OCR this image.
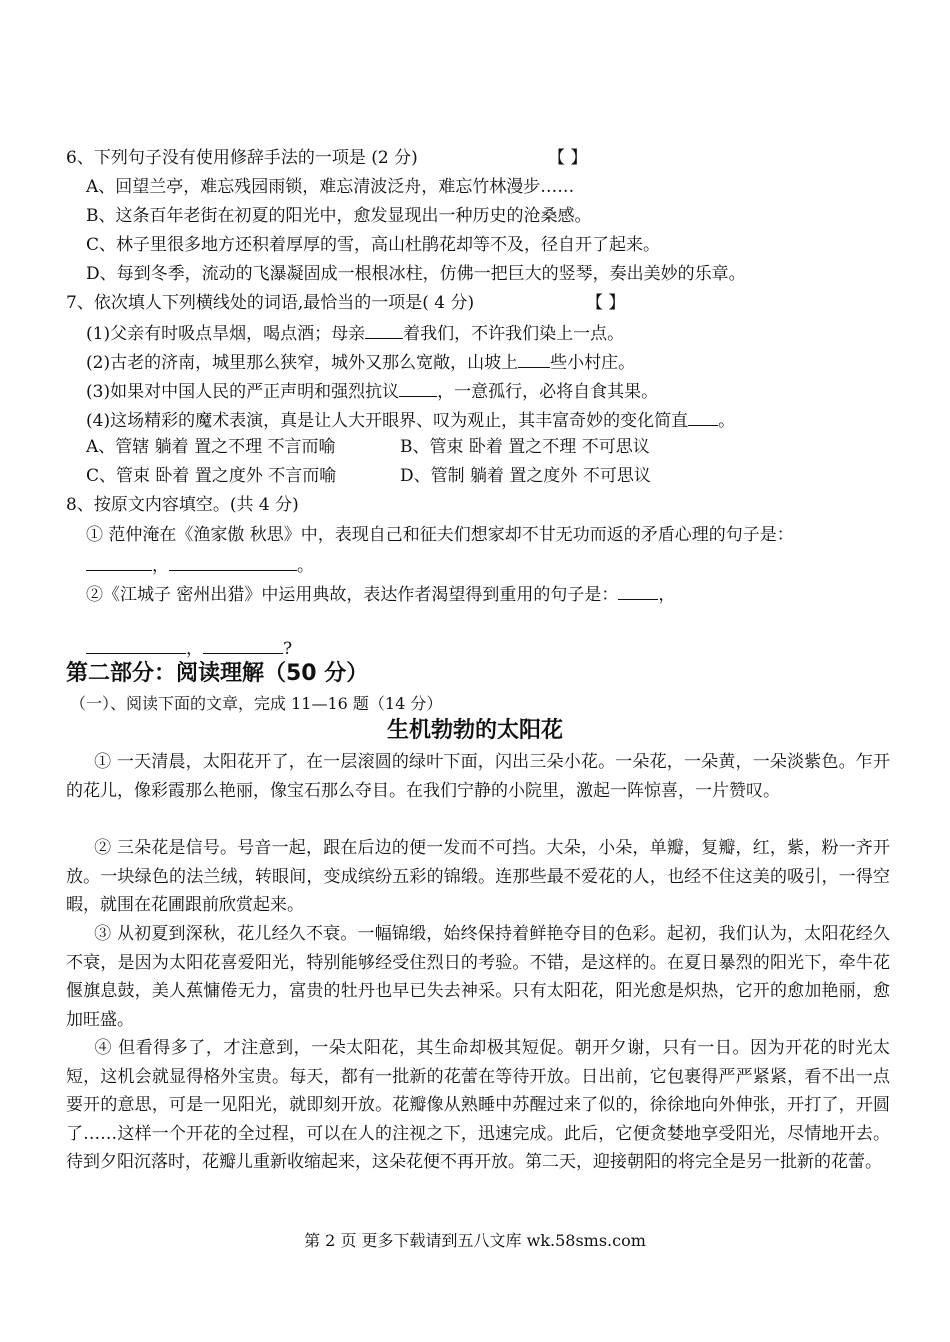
6、下列句子没有使用修辞手法的一项是 (2 分)	【 】
A、回望兰亭，难忘残园雨锁，难忘清波泛舟，难忘竹林漫步……
B、这条百年老街在初夏的阳光中，愈发显现出一种历史的沧桑感。
C、林子里很多地方还积着厚厚的雪，高山杜鹃花却等不及，径自开了起来。
D、每到冬季，流动的飞瀑凝固成一根根冰柱，仿佛一把巨大的竖琴，奏出美妙的乐章。
7、依次填人下列横线处的词语,最恰当的一项是( 4 分)	【 】
(1)父亲有时吸点旱烟，喝点酒；母亲 着我们，不许我们染上一点。
(2)古老的济南，城里那么狭窄，城外又那么宽敞，山坡上 些小村庄。
(3)如果对中国人民的严正声明和强烈抗议 ，一意孤行，必将自食其果。
(4)这场精彩的魔术表演，真是让人大开眼界、叹为观止，其丰富奇妙的变化简直 。
A、管辖 躺着 置之不理 不言而喻	B、管束 卧着 置之不理 不可思议
C、管束 卧着 置之度外 不言而喻	D、管制 躺着 置之度外 不可思议
8、按原文内容填空。(共 4 分)
① 范仲淹在《渔家傲 秋思》中，表现自己和征夫们想家却不甘无功而返的矛盾心理的句子是：
，	。
②《江城子 密州出猎》中运用典故，表达作者渴望得到重用的句子是： ，
，	?
第二部分：阅读理解（50 分）
（一）、阅读下面的文章，完成 11—16 题（14 分）
生机勃勃的太阳花
① 一天清晨，太阳花开了，在一层滚圆的绿叶下面，闪出三朵小花。一朵花，一朵黄，一朵淡紫色。乍开的花儿，像彩霞那么艳丽，像宝石那么夺目。在我们宁静的小院里，激起一阵惊喜，一片赞叹。
② 三朵花是信号。号音一起，跟在后边的便一发而不可挡。大朵，小朵，单瓣，复瓣，红，紫，粉一齐开放。一块绿色的法兰绒，转眼间，变成缤纷五彩的锦缎。连那些最不爱花的人，也经不住这美的吸引，一得空暇，就围在花圃跟前欣赏起来。
③ 从初夏到深秋，花儿经久不衰。一幅锦缎，始终保持着鲜艳夺目的色彩。起初，我们认为，太阳花经久不衰，是因为太阳花喜爱阳光，特别能够经受住烈日的考验。不错，是这样的。在夏日暴烈的阳光下，牵牛花偃旗息鼓，美人蕉慵倦无力，富贵的牡丹也早已失去神采。只有太阳花，阳光愈是炽热，它开的愈加艳丽，愈加旺盛。
④ 但看得多了，才注意到，一朵太阳花，其生命却极其短促。朝开夕谢，只有一日。因为开花的时光太短，这机会就显得格外宝贵。每天，都有一批新的花蕾在等待开放。日出前，它包裹得严严紧紧，看不出一点要开的意思，可是一见阳光，就即刻开放。花瓣像从熟睡中苏醒过来了似的，徐徐地向外伸张，开打了，开圆了……这样一个开花的全过程，可以在人的注视之下，迅速完成。此后，它便贪婪地享受阳光，尽情地开去。待到夕阳沉落时，花瓣儿重新收缩起来，这朵花便不再开放。第二天，迎接朝阳的将完全是另一批新的花蕾。
第 2 页 更多下载请到五八文库 wk.58sms.com
